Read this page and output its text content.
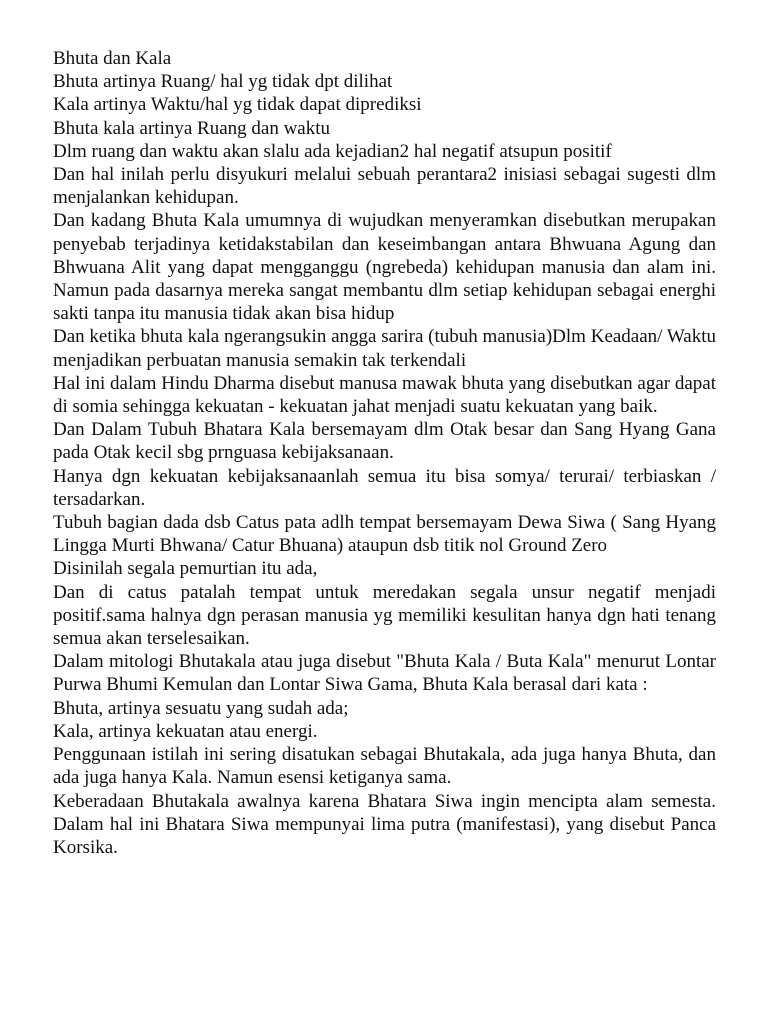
Bhuta dan Kala

Bhuta artinya Ruang/ hal yg tidak dpt dilihat

Kala artinya Waktu/hal yg tidak dapat diprediksi

Bhuta kala artinya Ruang dan waktu

Dlm ruang dan waktu akan slalu ada kejadian2 hal negatif atsupun positif

Dan hal inilah perlu disyukuri melalui sebuah perantara2 inisiasi sebagai sugesti dlm menjalankan kehidupan.

Dan kadang Bhuta Kala umumnya di wujudkan menyeramkan disebutkan merupakan penyebab terjadinya ketidakstabilan dan keseimbangan antara Bhwuana Agung dan Bhwuana Alit yang dapat mengganggu (ngrebeda) kehidupan manusia dan alam ini. Namun pada dasarnya mereka sangat membantu dlm setiap kehidupan sebagai energhi sakti tanpa itu manusia tidak akan bisa hidup

Dan ketika bhuta kala ngerangsukin angga sarira (tubuh manusia)Dlm Keadaan/ Waktu menjadikan perbuatan manusia semakin tak terkendali

Hal ini dalam Hindu Dharma disebut manusa mawak bhuta yang disebutkan agar dapat di somia sehingga kekuatan - kekuatan jahat menjadi suatu kekuatan yang baik.

Dan Dalam Tubuh Bhatara Kala bersemayam dlm Otak besar dan Sang Hyang Gana pada Otak kecil sbg prnguasa kebijaksanaan.

Hanya dgn kekuatan kebijaksanaanlah semua itu bisa somya/ terurai/ terbiaskan / tersadarkan.

Tubuh bagian dada dsb Catus pata adlh tempat bersemayam Dewa Siwa ( Sang Hyang Lingga Murti Bhwana/ Catur Bhuana) ataupun dsb titik nol Ground Zero

Disinilah segala pemurtian itu ada,

Dan di catus patalah tempat untuk meredakan segala unsur negatif menjadi positif.sama halnya dgn perasan manusia yg memiliki kesulitan hanya dgn hati tenang semua akan terselesaikan.

Dalam mitologi Bhutakala atau juga disebut "Bhuta Kala / Buta Kala" menurut Lontar Purwa Bhumi Kemulan dan Lontar Siwa Gama, Bhuta Kala berasal dari kata :

Bhuta, artinya sesuatu yang sudah ada;

Kala, artinya kekuatan atau energi.

Penggunaan istilah ini sering disatukan sebagai Bhutakala, ada juga hanya Bhuta, dan ada juga hanya Kala. Namun esensi ketiganya sama.

Keberadaan Bhutakala awalnya karena Bhatara Siwa ingin mencipta alam semesta. Dalam hal ini Bhatara Siwa mempunyai lima putra (manifestasi), yang disebut Panca Korsika.
